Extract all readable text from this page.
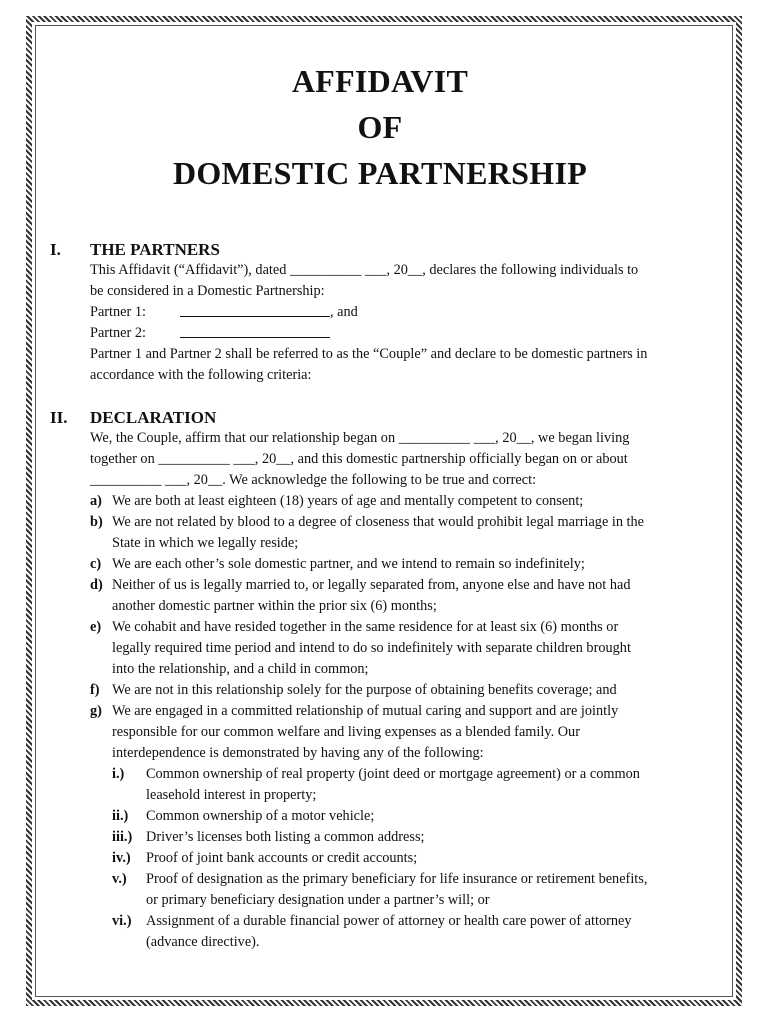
AFFIDAVIT
OF
DOMESTIC PARTNERSHIP
I.	THE PARTNERS
This Affidavit (“Affidavit”), dated __________ ___, 20__, declares the following individuals to
be considered in a Domestic Partnership:
Partner 1:	, and
Partner 2:
Partner 1 and Partner 2 shall be referred to as the “Couple” and declare to be domestic partners in
accordance with the following criteria:
II.	DECLARATION
We, the Couple, affirm that our relationship began on __________ ___, 20__, we began living
together on __________ ___, 20__, and this domestic partnership officially began on or about
__________ ___, 20__. We acknowledge the following to be true and correct:
a) We are both at least eighteen (18) years of age and mentally competent to consent;
b) We are not related by blood to a degree of closeness that would prohibit legal marriage in the
State in which we legally reside;
c) We are each other’s sole domestic partner, and we intend to remain so indefinitely;
d) Neither of us is legally married to, or legally separated from, anyone else and have not had
another domestic partner within the prior six (6) months;
e) We cohabit and have resided together in the same residence for at least six (6) months or
legally required time period and intend to do so indefinitely with separate children brought
into the relationship, and a child in common;
f) We are not in this relationship solely for the purpose of obtaining benefits coverage; and
g) We are engaged in a committed relationship of mutual caring and support and are jointly
responsible for our common welfare and living expenses as a blended family. Our
interdependence is demonstrated by having any of the following:
i.)	Common ownership of real property (joint deed or mortgage agreement) or a common
leasehold interest in property;
ii.)	Common ownership of a motor vehicle;
iii.) Driver’s licenses both listing a common address;
iv.)	Proof of joint bank accounts or credit accounts;
v.)	Proof of designation as the primary beneficiary for life insurance or retirement benefits,
or primary beneficiary designation under a partner’s will; or
vi.)	Assignment of a durable financial power of attorney or health care power of attorney
(advance directive).
